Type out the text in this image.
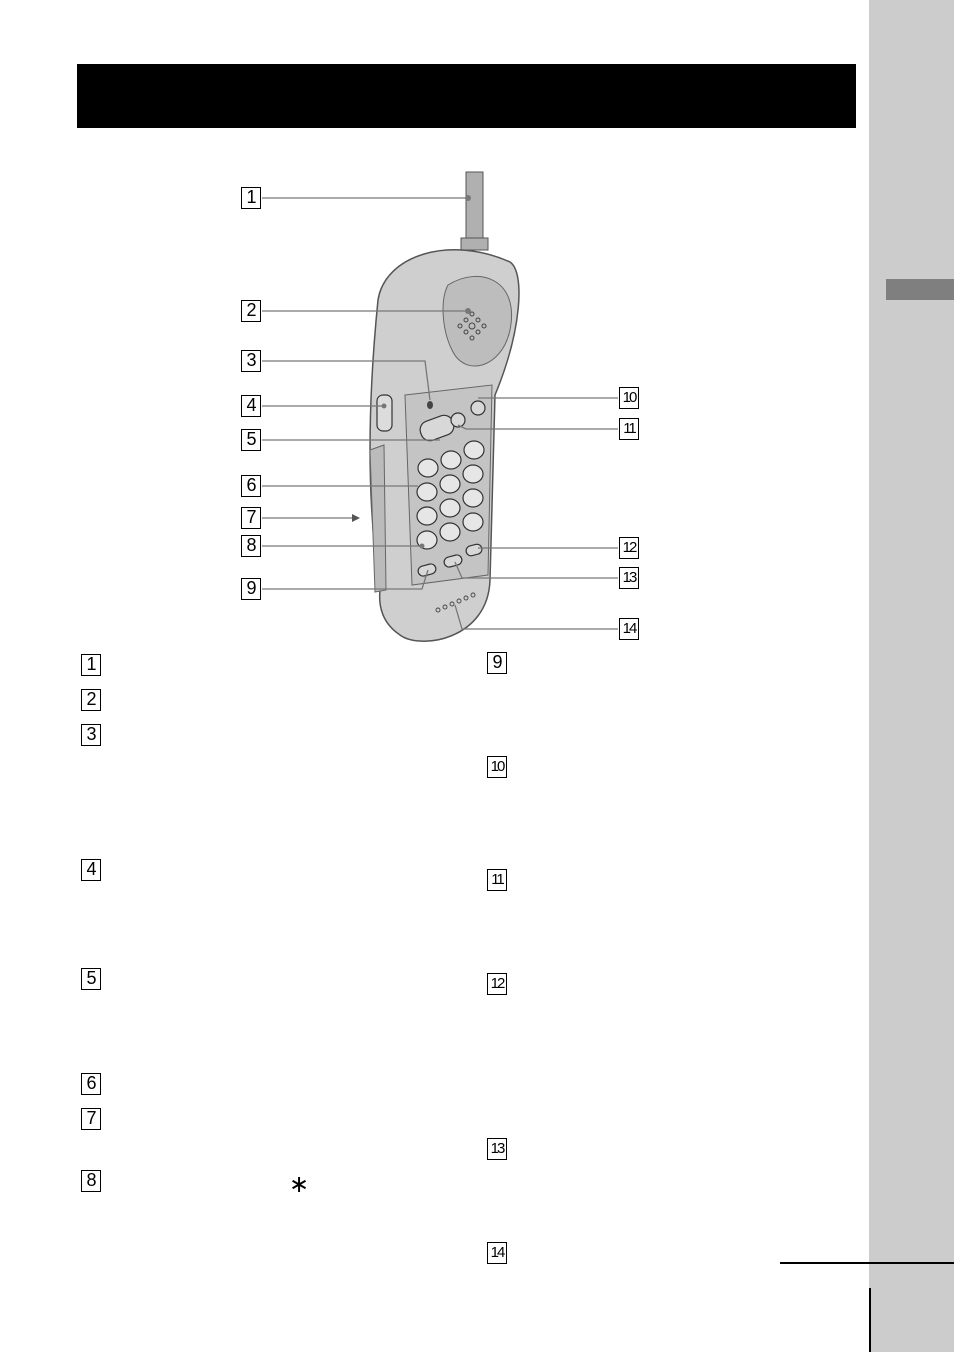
1
2
3
4
5
6
7
8
9
10
11
12
13
14
1
2
3
4
5
6
7
8	∗
9
10
11
12
13
14
